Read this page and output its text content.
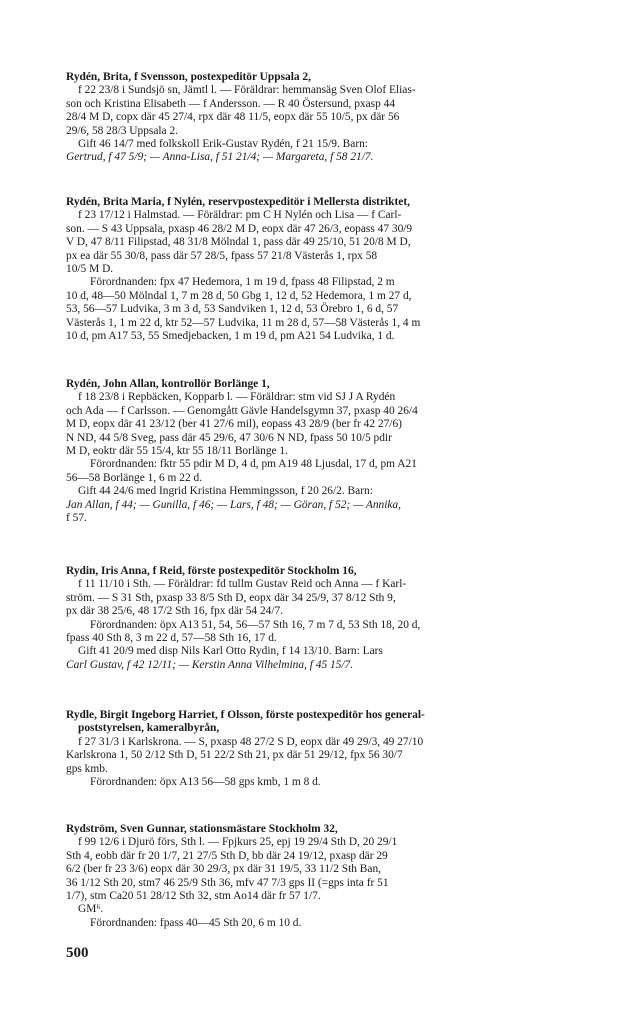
Rydén, Brita, f Svensson, postexpeditör Uppsala 2,

f 22 23/8 i Sundsjö sn, Jämtl l. — Föräldrar: hemmansäg Sven Olof Elias-

son och Kristina Elisabeth — f Andersson. — R 40 Östersund, pxasp 44

28/4 M D, copx där 45 27/4, rpx där 48 11/5, eopx där 55 10/5, px där 56

29/6, 58 28/3 Uppsala 2.

Gift 46 14/7 med folkskoll Erik-Gustav Rydén, f 21 15/9. Barn:

Gertrud, f 47 5/9; — Anna-Lisa, f 51 21/4; — Margareta, f 58 21/7.

Rydén, Brita Maria, f Nylén, reservpostexpeditör i Mellersta distriktet,

f 23 17/12 i Halmstad. — Föräldrar: pm C H Nylén och Lisa — f Carl-

son. — S 43 Uppsala, pxasp 46 28/2 M D, eopx där 47 26/3, eopass 47 30/9

V D, 47 8/11 Filipstad, 48 31/8 Mölndal 1, pass där 49 25/10, 51 20/8 M D,

px ea där 55 30/8, pass där 57 28/5, fpass 57 21/8 Västerås 1, rpx 58

10/5 M D.

Förordnanden: fpx 47 Hedemora, 1 m 19 d, fpass 48 Filipstad, 2 m

10 d, 48—50 Mölndal 1, 7 m 28 d, 50 Gbg 1, 12 d, 52 Hedemora, 1 m 27 d,

53, 56—57 Ludvika, 3 m 3 d, 53 Sandviken 1, 12 d, 53 Örebro 1, 6 d, 57

Västerås 1, 1 m 22 d, ktr 52—57 Ludvika, 11 m 28 d, 57—58 Västerås 1, 4 m

10 d, pm A17 53, 55 Smedjebacken, 1 m 19 d, pm A21 54 Ludvika, 1 d.

Rydén, John Allan, kontrollör Borlänge 1,

f 18 23/8 i Repbäcken, Kopparb l. — Föräldrar: stm vid SJ J A Rydén

och Ada — f Carlsson. — Genomgått Gävle Handelsgymn 37, pxasp 40 26/4

M D, eopx där 41 23/12 (ber 41 27/6 mil), eopass 43 28/9 (ber fr 42 27/6)

N ND, 44 5/8 Sveg, pass där 45 29/6, 47 30/6 N ND, fpass 50 10/5 pdir

M D, eoktr där 55 15/4, ktr 55 18/11 Borlänge 1.

Förordnanden: fktr 55 pdir M D, 4 d, pm A19 48 Ljusdal, 17 d, pm A21

56—58 Borlänge 1, 6 m 22 d.

Gift 44 24/6 med Ingrid Kristina Hemmingsson, f 20 26/2. Barn:

Jan Allan, f 44; — Gunilla, f 46; — Lars, f 48; — Göran, f 52; — Annika,

f 57.

Rydin, Iris Anna, f Reid, förste postexpeditör Stockholm 16,

f 11 11/10 i Sth. — Föräldrar: fd tullm Gustav Reid och Anna — f Karl-

ström. — S 31 Sth, pxasp 33 8/5 Sth D, eopx där 34 25/9, 37 8/12 Sth 9,

px där 38 25/6, 48 17/2 Sth 16, fpx där 54 24/7.

Förordnanden: öpx A13 51, 54, 56—57 Sth 16, 7 m 7 d, 53 Sth 18, 20 d,

fpass 40 Sth 8, 3 m 22 d, 57—58 Sth 16, 17 d.

Gift 41 20/9 med disp Nils Karl Otto Rydin, f 14 13/10. Barn: Lars

Carl Gustav, f 42 12/11; — Kerstin Anna Vilhelmina, f 45 15/7.

Rydle, Birgit Ingeborg Harriet, f Olsson, förste postexpeditör hos general-

poststyrelsen, kameralbyrån,

f 27 31/3 i Karlskrona. — S, pxasp 48 27/2 S D, eopx där 49 29/3, 49 27/10

Karlskrona 1, 50 2/12 Sth D, 51 22/2 Sth 21, px där 51 29/12, fpx 56 30/7

gps kmb.

Förordnanden: öpx A13 56—58 gps kmb, 1 m 8 d.

Rydström, Sven Gunnar, stationsmästare Stockholm 32,

f 99 12/6 i Djurö förs, Sth l. — Fpjkurs 25, epj 19 29/4 Sth D, 20 29/1

Sth 4, eobb där fr 20 1/7, 21 27/5 Sth D, bb där 24 19/12, pxasp där 29

6/2 (ber fr 23 3/6) eopx där 30 29/3, px där 31 19/5, 33 11/2 Sth Ban,

36 1/12 Sth 20, stm7 46 25/9 Sth 36, mfv 47 7/3 gps II (=gps inta fr 51

1/7), stm Ca20 51 28/12 Sth 32, stm Ao14 där fr 57 1/7.

GM⁶.

Förordnanden: fpass 40—45 Sth 20, 6 m 10 d.

500
